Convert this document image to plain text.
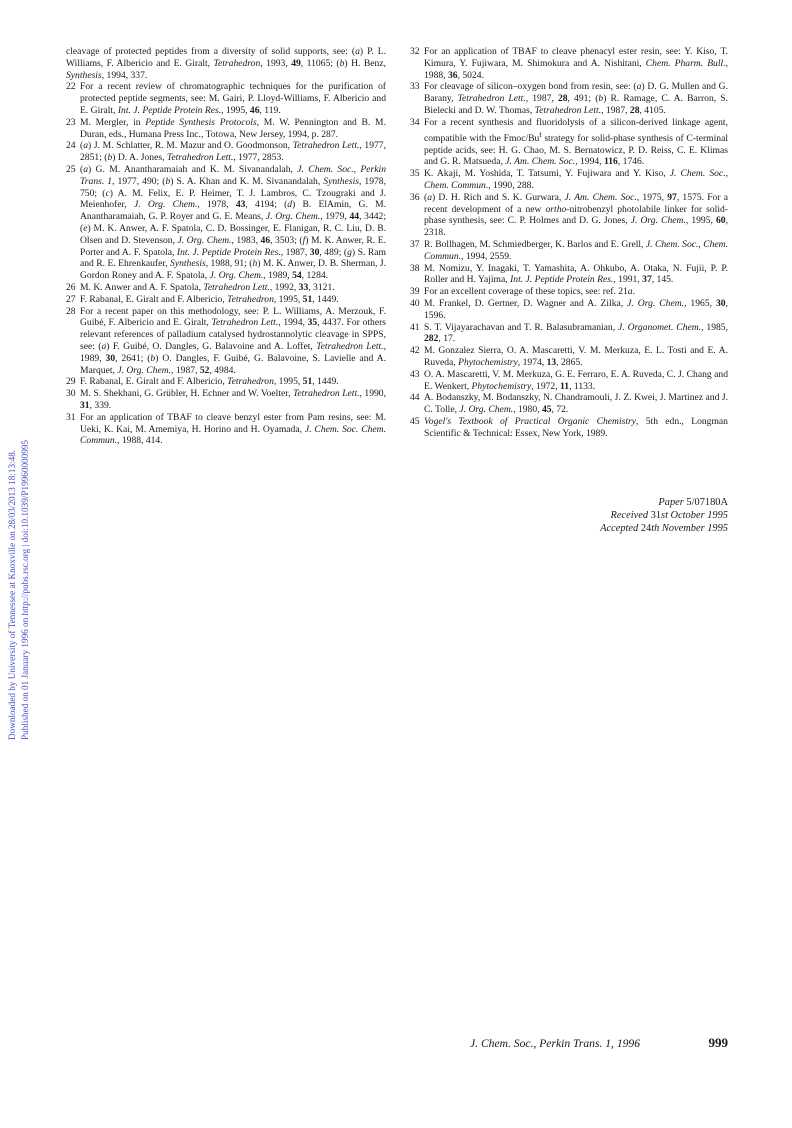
Downloaded by University of Tennessee at Knoxville on 28/03/2013 18:13:48. Published on 01 January 1996 on http://pubs.rsc.org | doi:10.1039/P19960000995
cleavage of protected peptides from a diversity of solid supports, see: (a) P. L. Williams, F. Albericio and E. Giralt, Tetrahedron, 1993, 49, 11065; (b) H. Benz, Synthesis, 1994, 337.
22 For a recent review of chromatographic techniques for the purification of protected peptide segments, see: M. Gairi, P. Lloyd-Williams, F. Albericio and E. Giralt, Int. J. Peptide Protein Res., 1995, 46, 119.
23 M. Mergler, in Peptide Synthesis Protocols, M. W. Pennington and B. M. Duran, eds., Humana Press Inc., Totowa, New Jersey, 1994, p. 287.
24 (a) J. M. Schlatter, R. M. Mazur and O. Goodmonson, Tetrahedron Lett., 1977, 2851; (b) D. A. Jones, Tetrahedron Lett., 1977, 2853.
25 (a) G. M. Anantharamaiah and K. M. Sivanandalah, J. Chem. Soc., Perkin Trans. 1, 1977, 490; (b) S. A. Khan and K. M. Sivanandalah, Synthesis, 1978, 750; (c) A. M. Felix, E. P. Heimer, T. J. Lambros, C. Tzougraki and J. Meienhofer, J. Org. Chem., 1978, 43, 4194; (d) B. ElAmin, G. M. Anantharamaiah, G. P. Royer and G. E. Means, J. Org. Chem., 1979, 44, 3442; (e) M. K. Anwer, A. F. Spatola, C. D. Bossinger, E. Flanigan, R. C. Liu, D. B. Olsen and D. Stevenson, J. Org. Chem., 1983, 46, 3503; (f) M. K. Anwer, R. E. Porter and A. F. Spatola, Int. J. Peptide Protein Res., 1987, 30, 489; (g) S. Ram and R. E. Ehrenkaufer, Synthesis, 1988, 91; (h) M. K. Anwer, D. B. Sherman, J. Gordon Roney and A. F. Spatola, J. Org. Chem., 1989, 54, 1284.
26 M. K. Anwer and A. F. Spatola, Tetrahedron Lett., 1992, 33, 3121.
27 F. Rabanal, E. Giralt and F. Albericio, Tetrahedron, 1995, 51, 1449.
28 For a recent paper on this methodology, see: P. L. Williams, A. Merzouk, F. Guibé, F. Albericio and E. Giralt, Tetrahedron Lett., 1994, 35, 4437. For others relevant references of palladium catalysed hydrostannolytic cleavage in SPPS, see: (a) F. Guibé, O. Dangles, G. Balavoine and A. Loffet, Tetrahedron Lett., 1989, 30, 2641; (b) O. Dangles, F. Guibé, G. Balavoine, S. Lavielle and A. Marquet, J. Org. Chem., 1987, 52, 4984.
29 F. Rabanal, E. Giralt and F. Albericio, Tetrahedron, 1995, 51, 1449.
30 M. S. Shekhani, G. Grübler, H. Echner and W. Voelter, Tetrahedron Lett., 1990, 31, 339.
31 For an application of TBAF to cleave benzyl ester from Pam resins, see: M. Ueki, K. Kai, M. Amemiya, H. Horino and H. Oyamada, J. Chem. Soc. Chem. Commun., 1988, 414.
32 For an application of TBAF to cleave phenacyl ester resin, see: Y. Kiso, T. Kimura, Y. Fujiwara, M. Shimokura and A. Nishitani, Chem. Pharm. Bull., 1988, 36, 5024.
33 For cleavage of silicon–oxygen bond from resin, see: (a) D. G. Mullen and G. Barany, Tetrahedron Lett., 1987, 28, 491; (b) R. Ramage, C. A. Barron, S. Bielecki and D. W. Thomas, Tetrahedron Lett., 1987, 28, 4105.
34 For a recent synthesis and fluoridolysis of a silicon-derived linkage agent, compatible with the Fmoc/Bu$^t$ strategy for solid-phase synthesis of C-terminal peptide acids, see: H. G. Chao, M. S. Bernatowicz, P. D. Reiss, C. E. Klimas and G. R. Matsueda, J. Am. Chem. Soc., 1994, 116, 1746.
35 K. Akaji, M. Yoshida, T. Tatsumi, Y. Fujiwara and Y. Kiso, J. Chem. Soc., Chem. Commun., 1990, 288.
36 (a) D. H. Rich and S. K. Gurwara, J. Am. Chem. Soc., 1975, 97, 1575. For a recent development of a new ortho-nitrobenzyl photolabile linker for solid-phase synthesis, see: C. P. Holmes and D. G. Jones, J. Org. Chem., 1995, 60, 2318.
37 R. Bollhagen, M. Schmiedberger, K. Barlos and E. Grell, J. Chem. Soc., Chem. Commun., 1994, 2559.
38 M. Nomizu, Y. Inagaki, T. Yamashita, A. Ohkubo, A. Otaka, N. Fujii, P. P. Roller and H. Yajima, Int. J. Peptide Protein Res., 1991, 37, 145.
39 For an excellent coverage of these topics, see: ref. 21a.
40 M. Frankel, D. Gertner, D. Wagner and A. Zilka, J. Org. Chem., 1965, 30, 1596.
41 S. T. Vijayarachavan and T. R. Balasubramanian, J. Organomet. Chem., 1985, 282, 17.
42 M. Gonzalez Sierra, O. A. Mascaretti, V. M. Merkuza, E. L. Tosti and E. A. Ruveda, Phytochemistry, 1974, 13, 2865.
43 O. A. Mascaretti, V. M. Merkuza, G. E. Ferraro, E. A. Ruveda, C. J. Chang and E. Wenkert, Phytochemistry, 1972, 11, 1133.
44 A. Bodanszky, M. Bodanszky, N. Chandramouli, J. Z. Kwei, J. Martinez and J. C. Tolle, J. Org. Chem., 1980, 45, 72.
45 Vogel's Textbook of Practical Organic Chemistry, 5th edn., Longman Scientific & Technical: Essex, New York, 1989.
Paper 5/07180A
Received 31st October 1995
Accepted 24th November 1995
J. Chem. Soc., Perkin Trans. 1, 1996	999
